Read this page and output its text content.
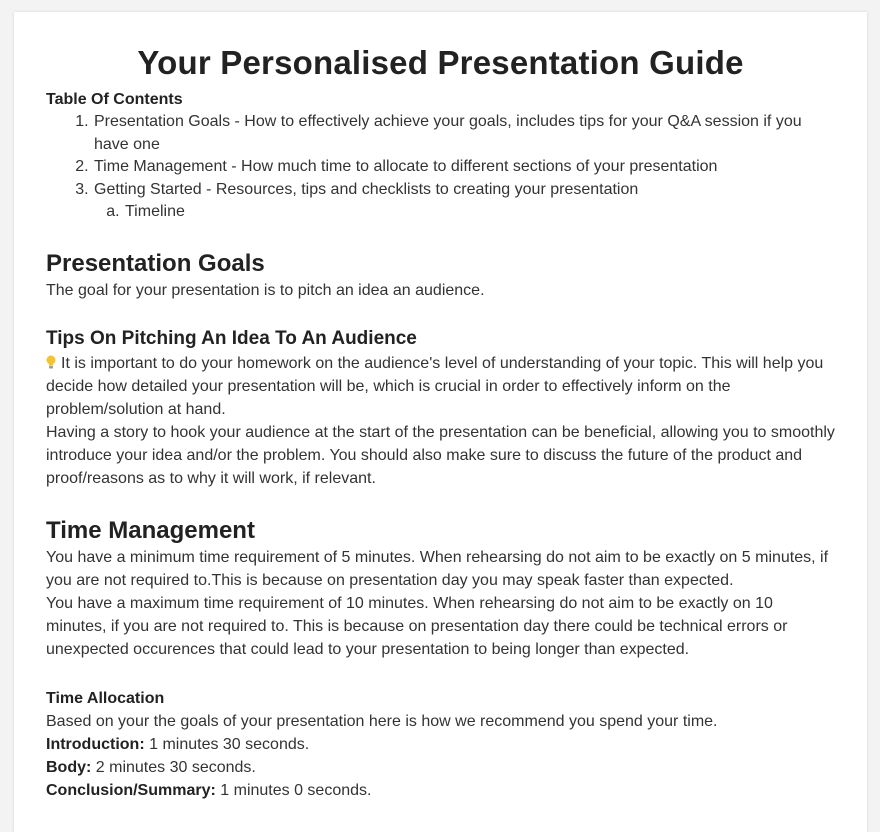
Your Personalised Presentation Guide
Table Of Contents
1. Presentation Goals - How to effectively achieve your goals, includes tips for your Q&A session if you have one
2. Time Management - How much time to allocate to different sections of your presentation
3. Getting Started - Resources, tips and checklists to creating your presentation
a. Timeline
Presentation Goals

The goal for your presentation is to pitch an idea an audience.

Tips On Pitching An Idea To An Audience

It is important to do your homework on the audience's level of understanding of your topic. This will help you decide how detailed your presentation will be, which is crucial in order to effectively inform on the problem/solution at hand.

Having a story to hook your audience at the start of the presentation can be beneficial, allowing you to smoothly introduce your idea and/or the problem. You should also make sure to discuss the future of the product and proof/reasons as to why it will work, if relevant.

Time Management

You have a minimum time requirement of 5 minutes. When rehearsing do not aim to be exactly on 5 minutes, if you are not required to.This is because on presentation day you may speak faster than expected.

You have a maximum time requirement of 10 minutes. When rehearsing do not aim to be exactly on 10 minutes, if you are not required to. This is because on presentation day there could be technical errors or unexpected occurences that could lead to your presentation to being longer than expected.

Time Allocation

Based on your the goals of your presentation here is how we recommend you spend your time.

Introduction: 1 minutes 30 seconds.

Body: 2 minutes 30 seconds.

Conclusion/Summary: 1 minutes 0 seconds.
